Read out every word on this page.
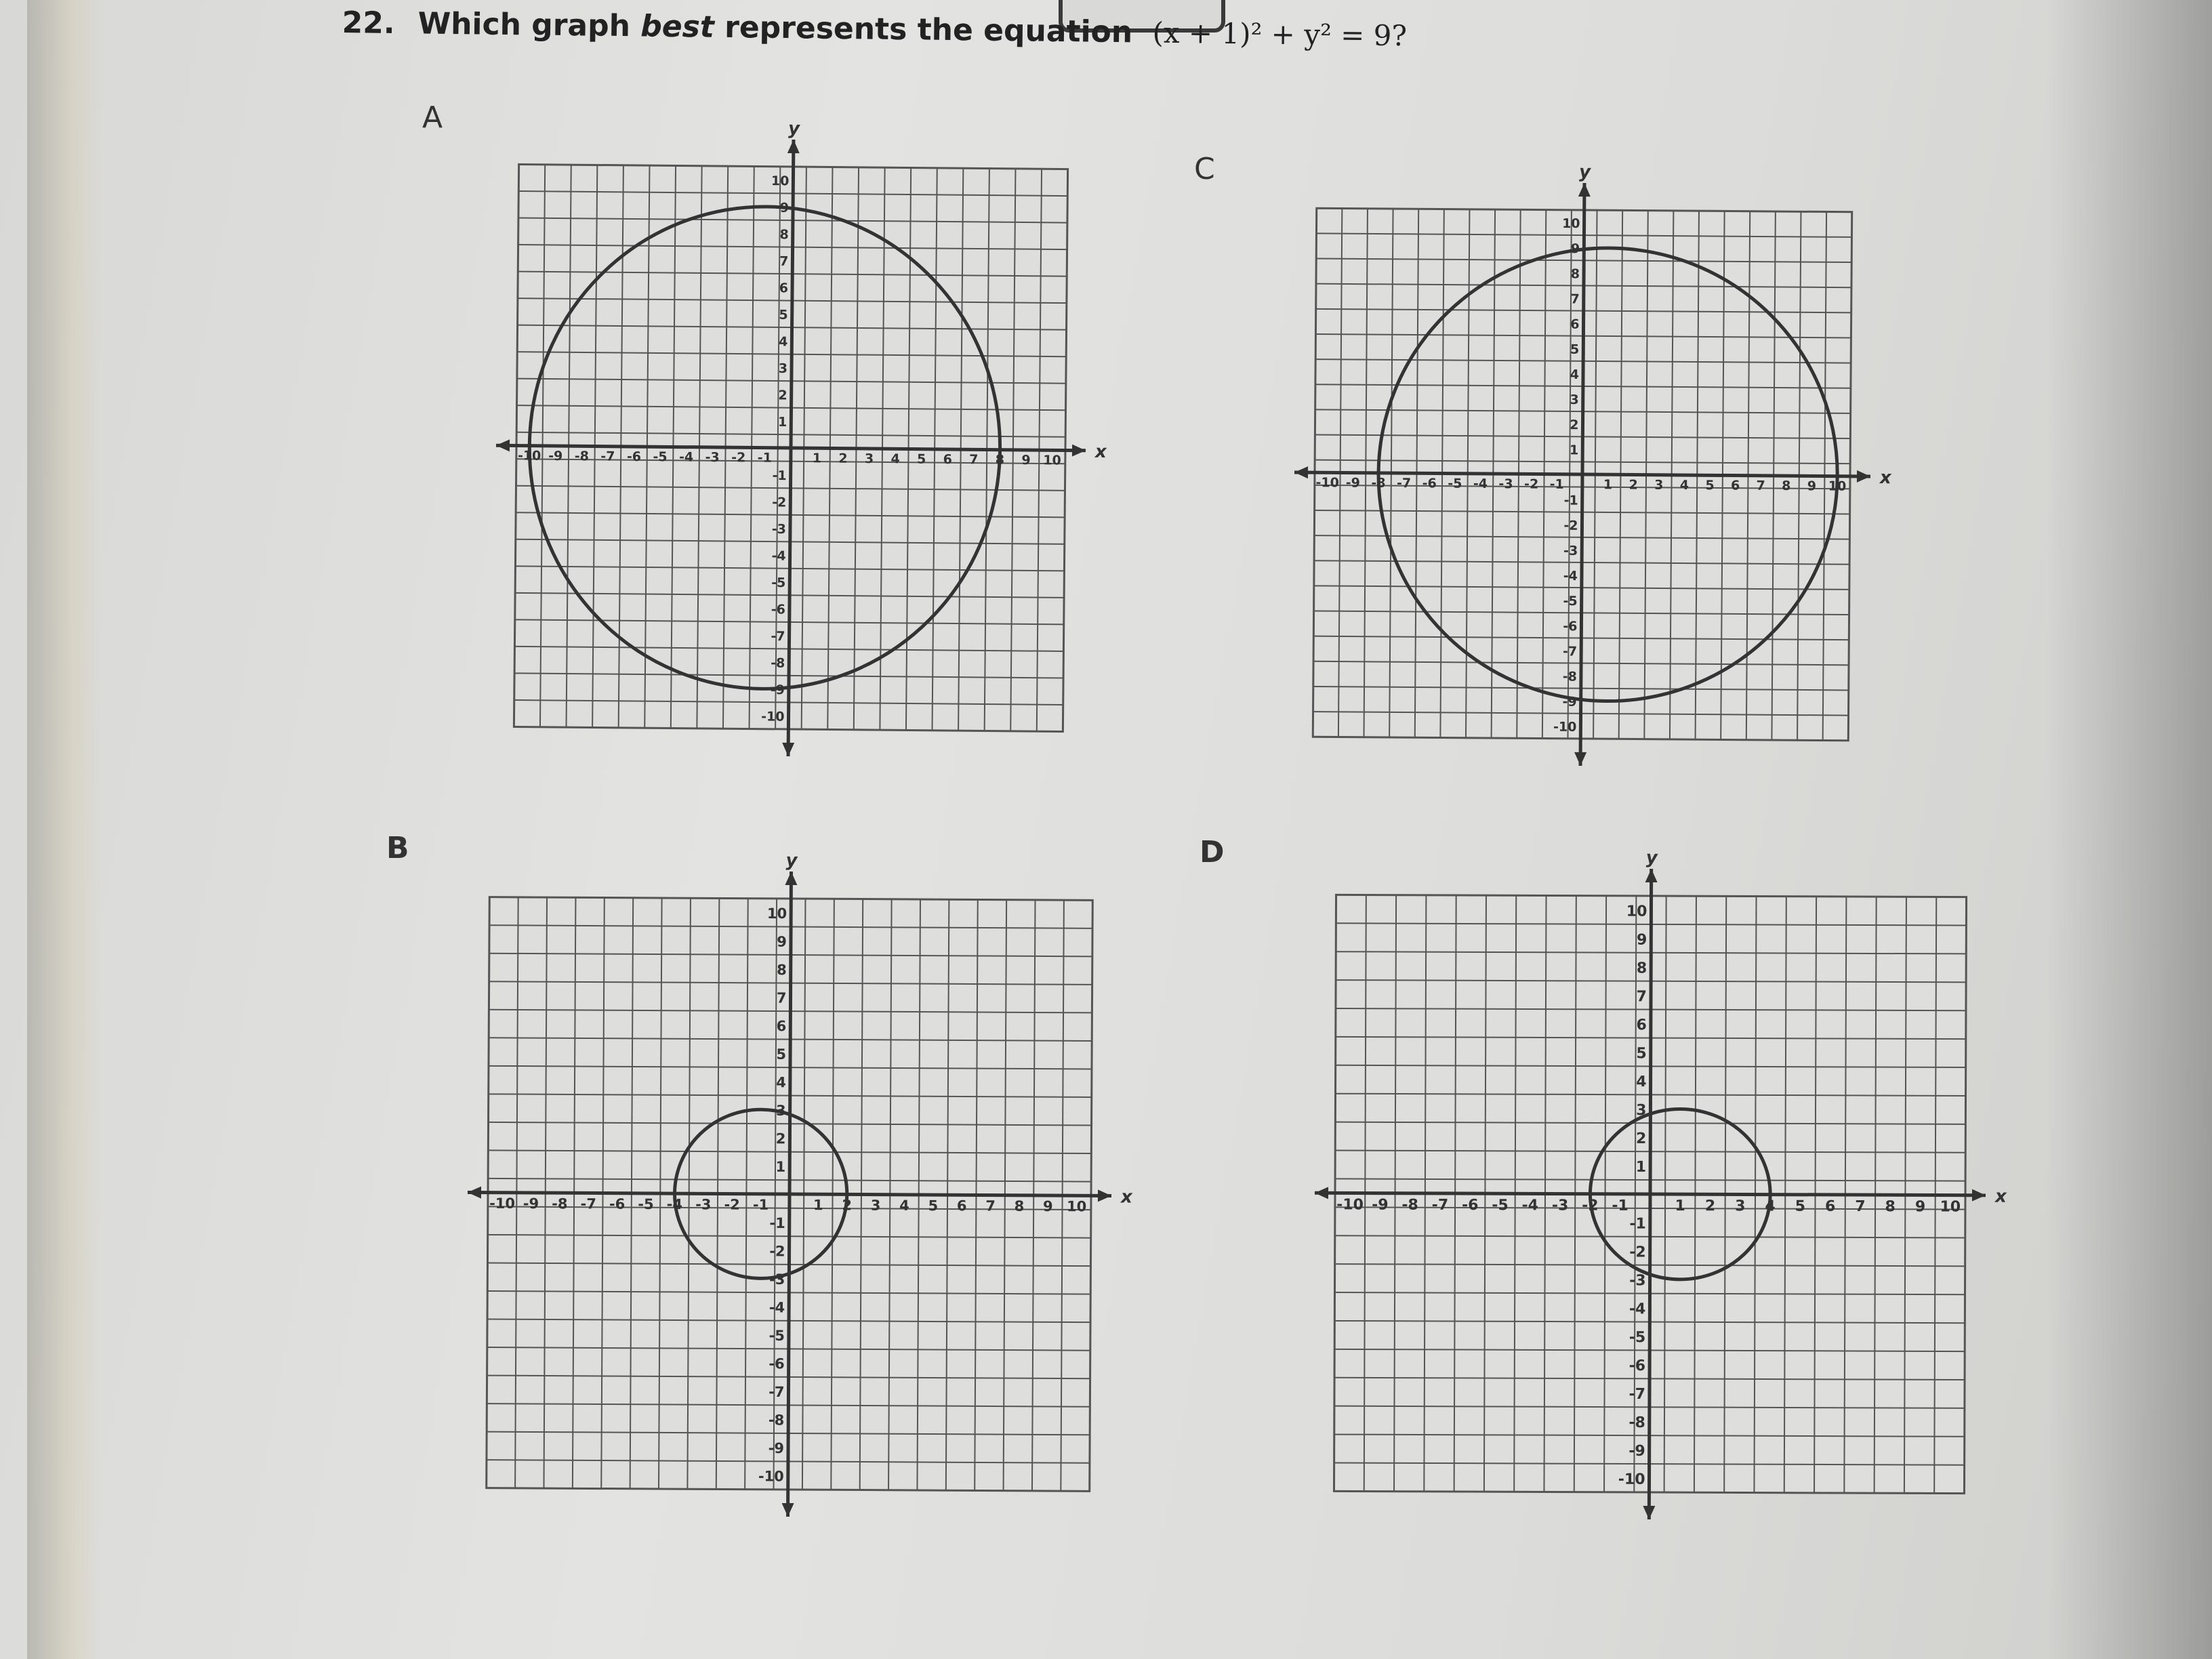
22. Which graph best represents the equation (x + 1)² + y² = 9?
A
B
C
D
x
y
-10 -9 -8 -7 -6 -5 -4 -3 -2 -1	1 2 3 4 5 6 7 8 9 10
10
9
8
7
6
5
4
3
2
1
-1
-2
-3
-4
-5
-6
-7
-8
-9
-10
x
y
-10 -9 -8 -7 -6 -5 -4 -3 -2 -1	1 2 3 4 5 6 7 8 9 10
10
9
8
7
6
5
4
3
2
1
-1
-2
-3
-4
-5
-6
-7
-8
-9
-10
x
y
-10 -9 -8 -7 -6 -5 -4 -3 -2 -1	1 2 3 4 5 6 7 8 9 10
10
9
8
7
6
5
4
3
2
1
-1
-2
-3
-4
-5
-6
-7
-8
-9
-10
x
y
-10 -9 -8 -7 -6 -5 -4 -3 -2 -1	1 2 3 4 5 6 7 8 9 10
10
9
8
7
6
5
4
3
2
1
-1
-2
-3
-4
-5
-6
-7
-8
-9
-10
